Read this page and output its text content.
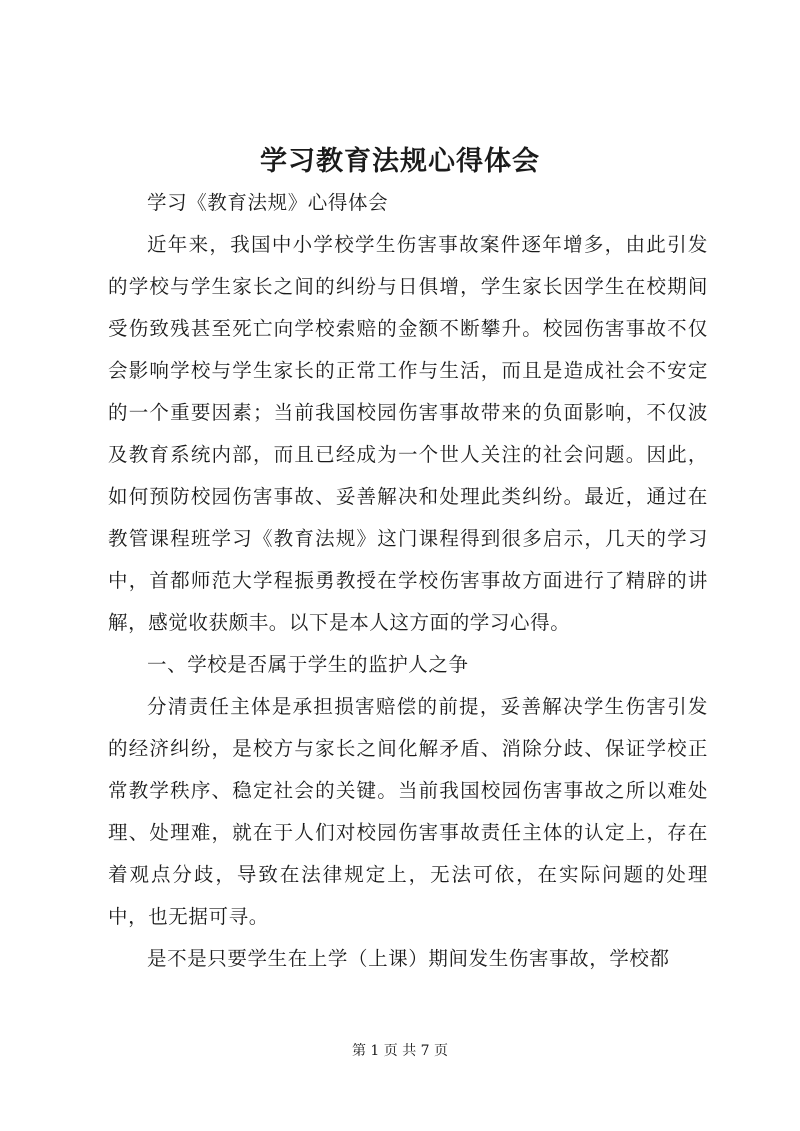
学习教育法规心得体会

学习《教育法规》心得体会

近年来，我国中小学校学生伤害事故案件逐年增多，由此引发的学校与学生家长之间的纠纷与日俱增，学生家长因学生在校期间受伤致残甚至死亡向学校索赔的金额不断攀升。校园伤害事故不仅会影响学校与学生家长的正常工作与生活，而且是造成社会不安定的一个重要因素；当前我国校园伤害事故带来的负面影响，不仅波及教育系统内部，而且已经成为一个世人关注的社会问题。因此，如何预防校园伤害事故、妥善解决和处理此类纠纷。最近，通过在教管课程班学习《教育法规》这门课程得到很多启示，几天的学习中，首都师范大学程振勇教授在学校伤害事故方面进行了精辟的讲解，感觉收获颇丰。以下是本人这方面的学习心得。

一、学校是否属于学生的监护人之争

分清责任主体是承担损害赔偿的前提，妥善解决学生伤害引发的经济纠纷，是校方与家长之间化解矛盾、消除分歧、保证学校正常教学秩序、稳定社会的关键。当前我国校园伤害事故之所以难处理、处理难，就在于人们对校园伤害事故责任主体的认定上，存在着观点分歧，导致在法律规定上，无法可依，在实际问题的处理中，也无据可寻。

是不是只要学生在上学（上课）期间发生伤害事故，学校都

第 1 页 共 7 页
